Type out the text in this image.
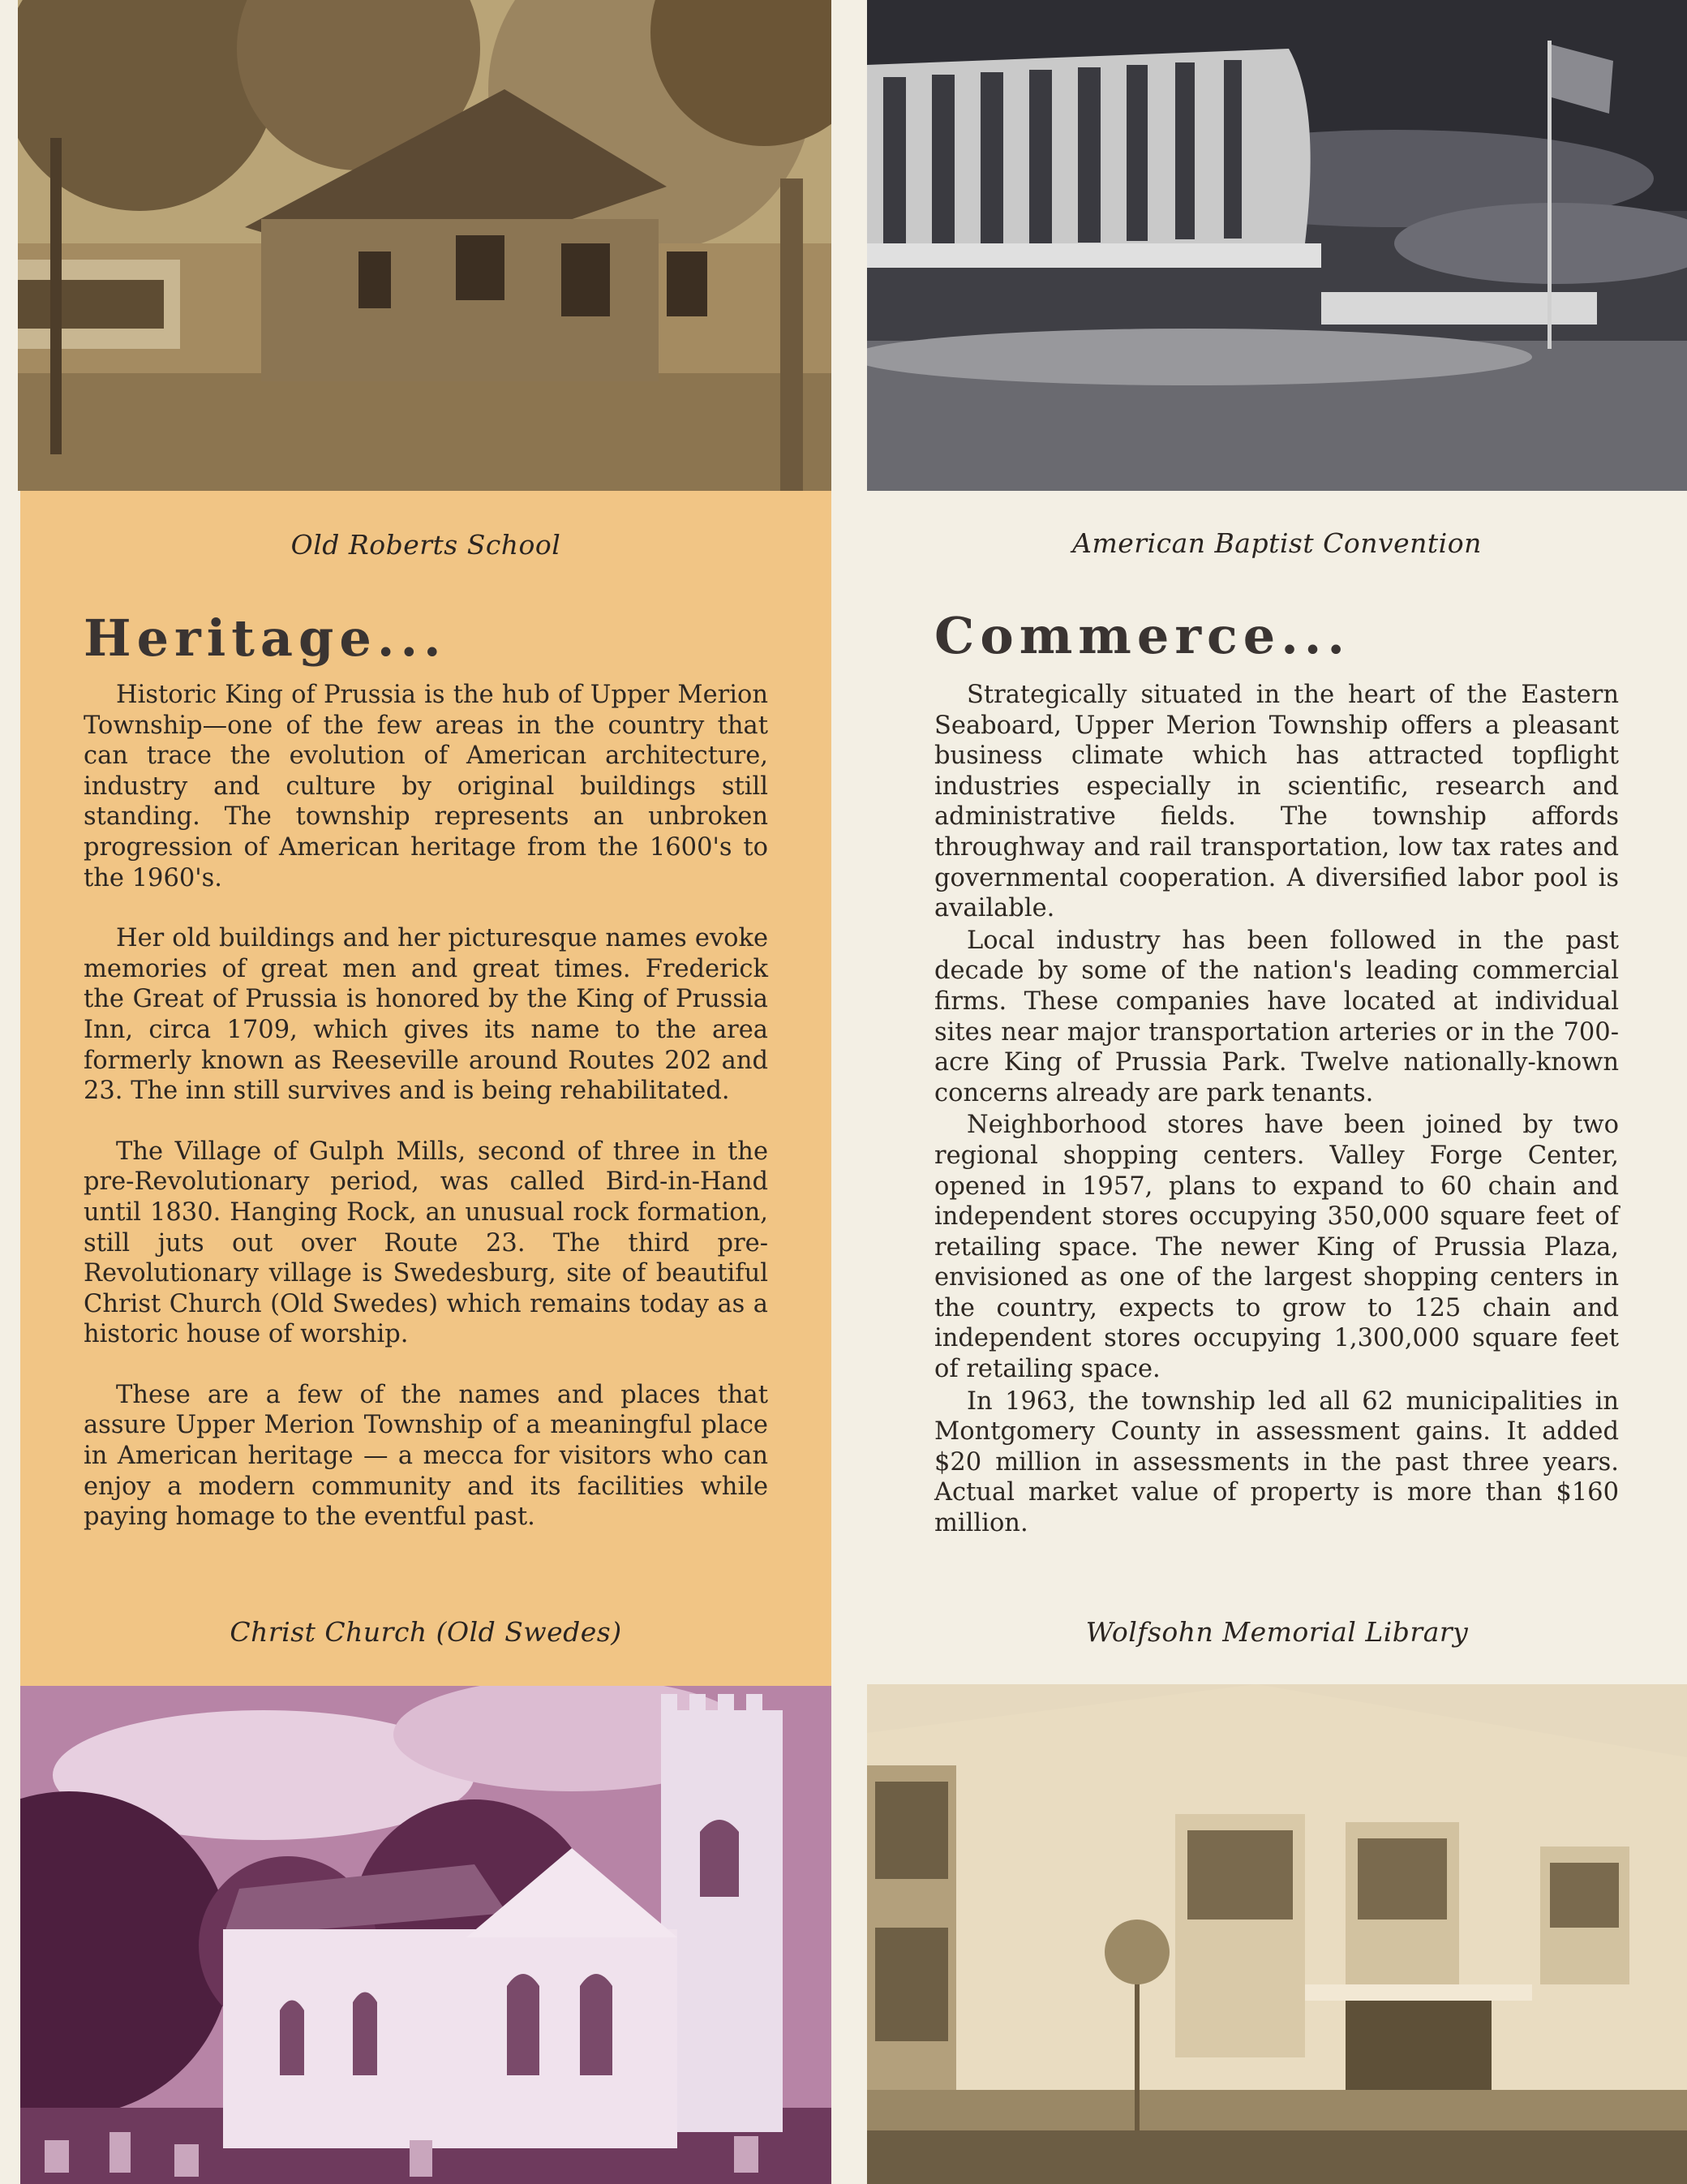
Old Roberts School	American Baptist Convention
Heritage...

Historic King of Prussia is the hub of Upper Merion Township—one of the few areas in the country that can trace the evolution of American architecture, industry and culture by original buildings still standing. The township represents an unbroken progression of American heritage from the 1600's to the 1960's.

Her old buildings and her picturesque names evoke memories of great men and great times. Frederick the Great of Prussia is honored by the King of Prussia Inn, circa 1709, which gives its name to the area formerly known as Reeseville around Routes 202 and 23. The inn still survives and is being rehabilitated.

The Village of Gulph Mills, second of three in the pre-Revolutionary period, was called Bird-in-Hand until 1830. Hanging Rock, an unusual rock formation, still juts out over Route 23. The third pre-Revolutionary village is Swedesburg, site of beautiful Christ Church (Old Swedes) which remains today as a historic house of worship.

These are a few of the names and places that assure Upper Merion Township of a meaningful place in American heritage — a mecca for visitors who can enjoy a modern community and its facilities while paying homage to the eventful past.

Commerce...

Strategically situated in the heart of the Eastern Seaboard, Upper Merion Township offers a pleasant business climate which has attracted topflight industries especially in scientific, research and administrative fields. The township affords throughway and rail transportation, low tax rates and governmental cooperation. A diversified labor pool is available.

Local industry has been followed in the past decade by some of the nation's leading commercial firms. These companies have located at individual sites near major transportation arteries or in the 700-acre King of Prussia Park. Twelve nationally-known concerns already are park tenants.

Neighborhood stores have been joined by two regional shopping centers. Valley Forge Center, opened in 1957, plans to expand to 60 chain and independent stores occupying 350,000 square feet of retailing space. The newer King of Prussia Plaza, envisioned as one of the largest shopping centers in the country, expects to grow to 125 chain and independent stores occupying 1,300,000 square feet of retailing space.

In 1963, the township led all 62 municipalities in Montgomery County in assessment gains. It added $20 million in assessments in the past three years. Actual market value of property is more than $160 million.

Christ Church (Old Swedes)	Wolfsohn Memorial Library
